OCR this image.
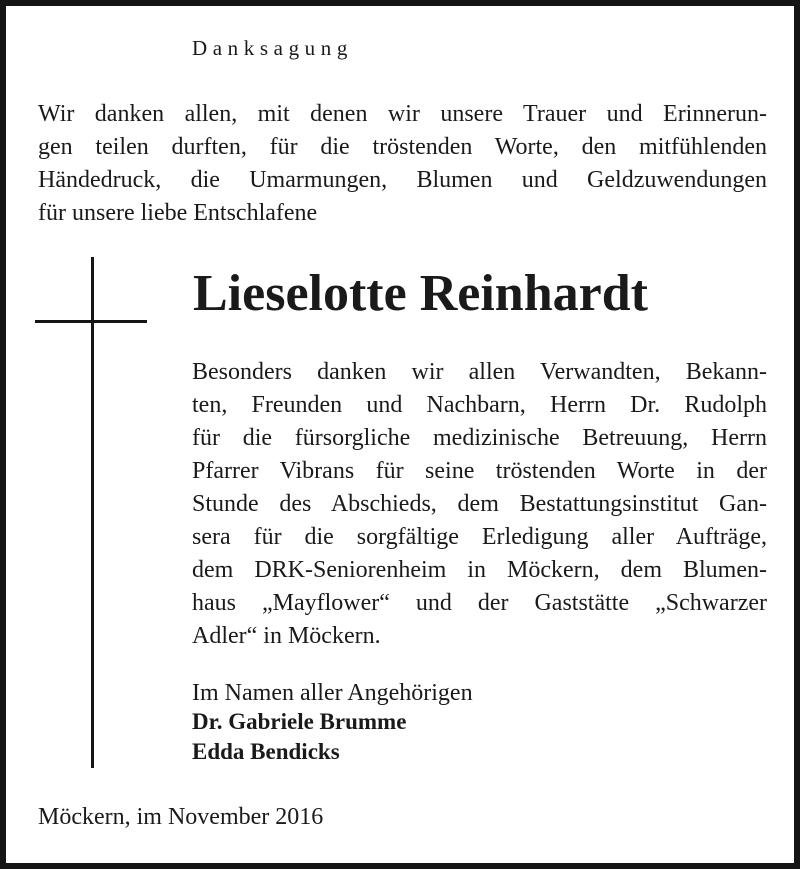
Danksagung

Wir danken allen, mit denen wir unsere Trauer und Erinnerun-
gen teilen durften, für die tröstenden Worte, den mitfühlenden
Händedruck, die Umarmungen, Blumen und Geldzuwendungen
für unsere liebe Entschlafene

Lieselotte Reinhardt

Besonders danken wir allen Verwandten, Bekann-
ten, Freunden und Nachbarn, Herrn Dr. Rudolph
für die fürsorgliche medizinische Betreuung, Herrn
Pfarrer Vibrans für seine tröstenden Worte in der
Stunde des Abschieds, dem Bestattungsinstitut Gan-
sera für die sorgfältige Erledigung aller Aufträge,
dem DRK-Seniorenheim in Möckern, dem Blumen-
haus „Mayflower“ und der Gaststätte „Schwarzer
Adler“ in Möckern.

Im Namen aller Angehörigen

Dr. Gabriele Brumme

Edda Bendicks

Möckern, im November 2016
